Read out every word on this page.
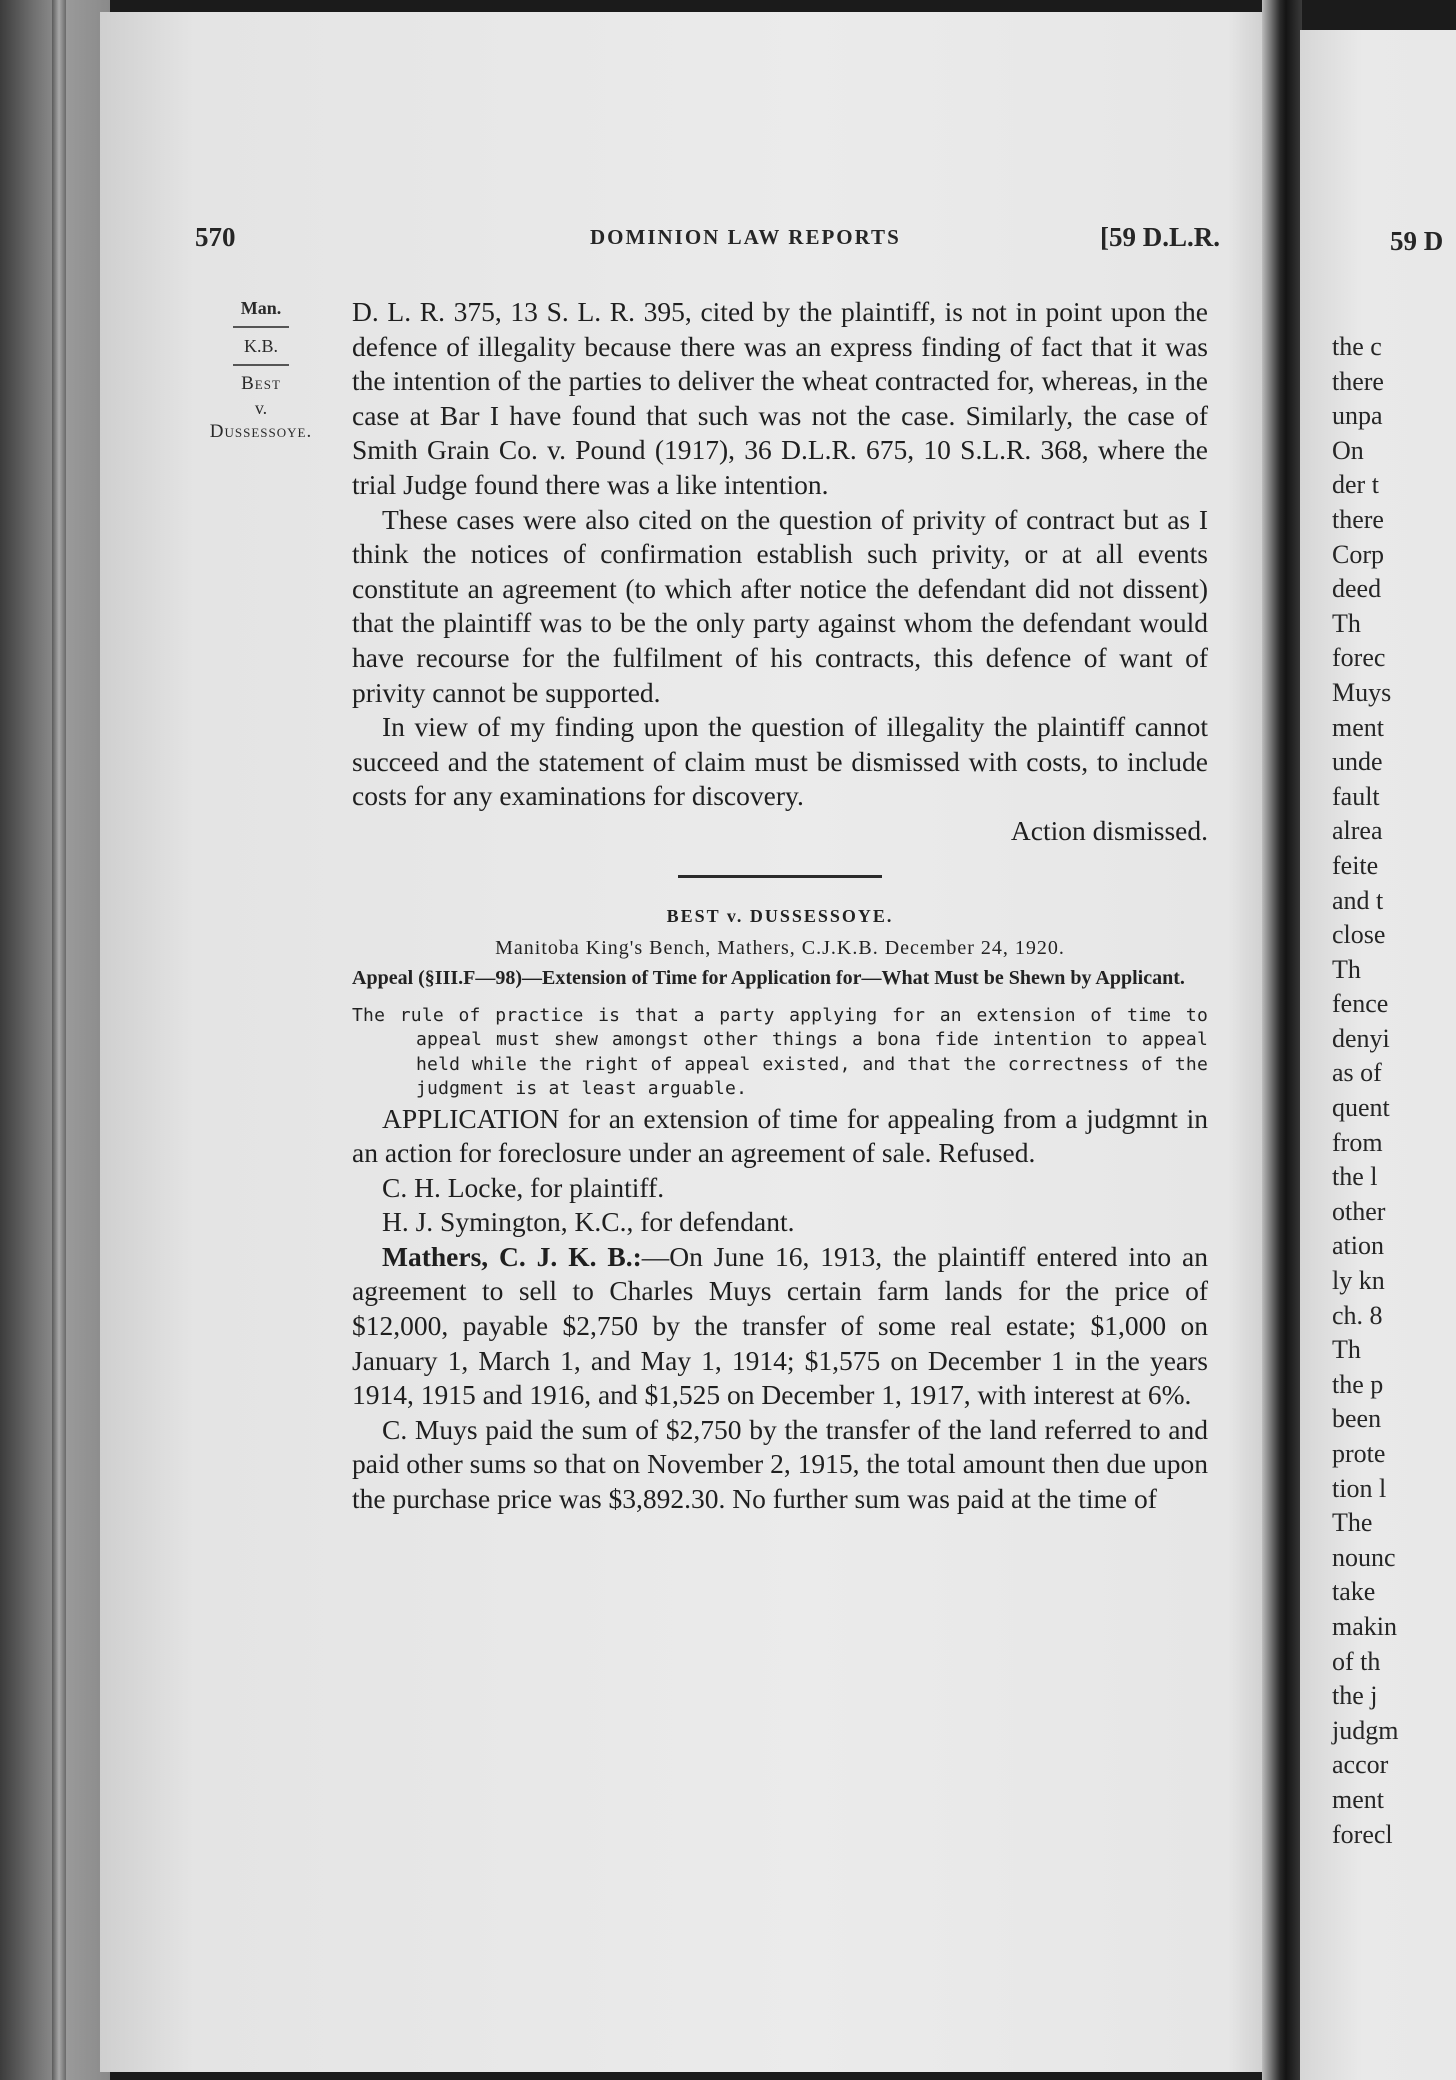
570	DOMINION LAW REPORTS	[59 D.L.R.
Man.
K.B.
Best
v.
Dussessoye.

D. L. R. 375, 13 S. L. R. 395, cited by the plaintiff, is not in point upon the defence of illegality because there was an express finding of fact that it was the intention of the parties to deliver the wheat contracted for, whereas, in the case at Bar I have found that such was not the case. Similarly, the case of Smith Grain Co. v. Pound (1917), 36 D.L.R. 675, 10 S.L.R. 368, where the trial Judge found there was a like intention.

These cases were also cited on the question of privity of contract but as I think the notices of confirmation establish such privity, or at all events constitute an agreement (to which after notice the defendant did not dissent) that the plaintiff was to be the only party against whom the defendant would have recourse for the fulfilment of his contracts, this defence of want of privity cannot be supported.

In view of my finding upon the question of illegality the plaintiff cannot succeed and the statement of claim must be dismissed with costs, to include costs for any examinations for discovery.

Action dismissed.

BEST v. DUSSESSOYE.
Manitoba King's Bench, Mathers, C.J.K.B. December 24, 1920.
Appeal (§III.F—98)—Extension of Time for Application for—What Must be Shewn by Applicant.
The rule of practice is that a party applying for an extension of time to appeal must shew amongst other things a bona fide intention to appeal held while the right of appeal existed, and that the correctness of the judgment is at least arguable.

APPLICATION for an extension of time for appealing from a judgmnt in an action for foreclosure under an agreement of sale. Refused.

C. H. Locke, for plaintiff.

H. J. Symington, K.C., for defendant.

Mathers, C. J. K. B.:—On June 16, 1913, the plaintiff entered into an agreement to sell to Charles Muys certain farm lands for the price of $12,000, payable $2,750 by the transfer of some real estate; $1,000 on January 1, March 1, and May 1, 1914; $1,575 on December 1 in the years 1914, 1915 and 1916, and $1,525 on December 1, 1917, with interest at 6%.

C. Muys paid the sum of $2,750 by the transfer of the land referred to and paid other sums so that on November 2, 1915, the total amount then due upon the purchase price was $3,892.30. No further sum was paid at the time of

59 D
the c
there
unpa
On
der t
there
Corp
deed
Th
forec
Muys
ment
unde
fault
alrea
feite
and t
close
Th
fence
denyi
as of
quent
from
the l
other
ation
ly kn
ch. 8
Th
the p
been
prote
tion l
The
nounc
take
makin
of th
the j
judgm
accor
ment
forecl
